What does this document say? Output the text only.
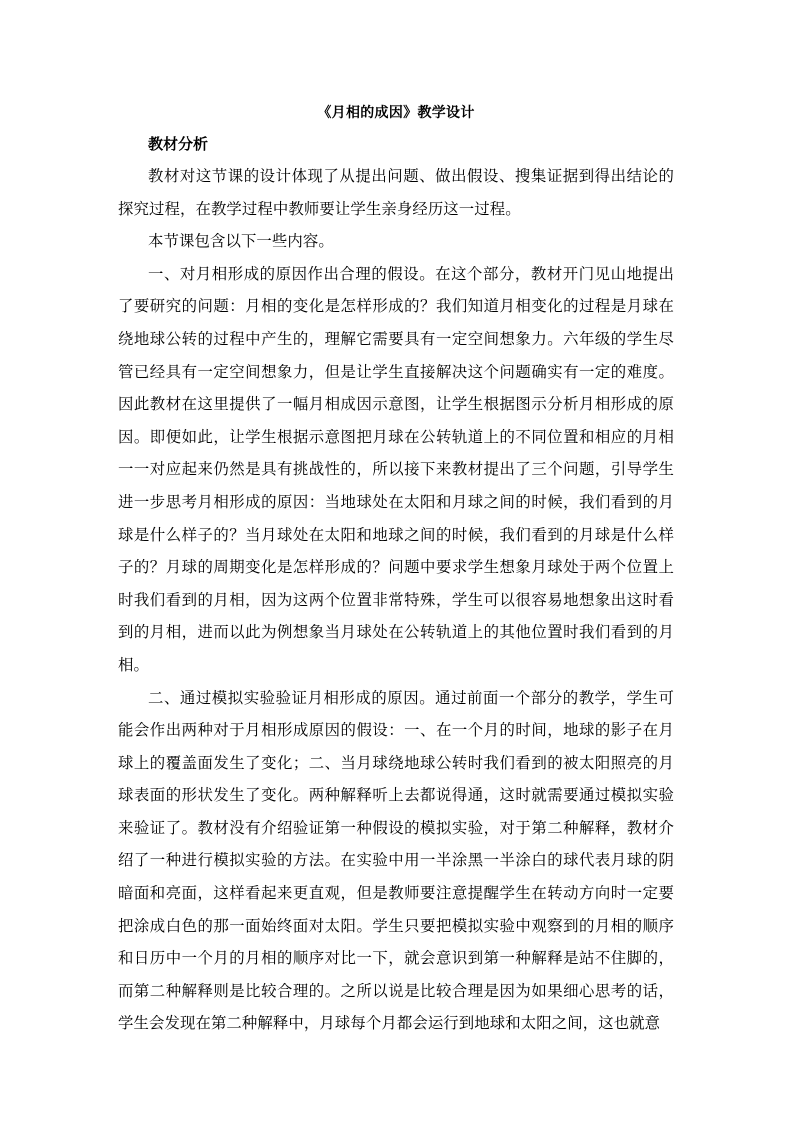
《月相的成因》教学设计

教材分析

教材对这节课的设计体现了从提出问题、做出假设、搜集证据到得出结论的探究过程，在教学过程中教师要让学生亲身经历这一过程。

本节课包含以下一些内容。

一、对月相形成的原因作出合理的假设。在这个部分，教材开门见山地提出了要研究的问题：月相的变化是怎样形成的？我们知道月相变化的过程是月球在绕地球公转的过程中产生的，理解它需要具有一定空间想象力。六年级的学生尽管已经具有一定空间想象力，但是让学生直接解决这个问题确实有一定的难度。因此教材在这里提供了一幅月相成因示意图，让学生根据图示分析月相形成的原因。即便如此，让学生根据示意图把月球在公转轨道上的不同位置和相应的月相一一对应起来仍然是具有挑战性的，所以接下来教材提出了三个问题，引导学生进一步思考月相形成的原因：当地球处在太阳和月球之间的时候，我们看到的月球是什么样子的？当月球处在太阳和地球之间的时候，我们看到的月球是什么样子的？月球的周期变化是怎样形成的？问题中要求学生想象月球处于两个位置上时我们看到的月相，因为这两个位置非常特殊，学生可以很容易地想象出这时看到的月相，进而以此为例想象当月球处在公转轨道上的其他位置时我们看到的月相。

二、通过模拟实验验证月相形成的原因。通过前面一个部分的教学，学生可能会作出两种对于月相形成原因的假设：一、在一个月的时间，地球的影子在月球上的覆盖面发生了变化；二、当月球绕地球公转时我们看到的被太阳照亮的月球表面的形状发生了变化。两种解释听上去都说得通，这时就需要通过模拟实验来验证了。教材没有介绍验证第一种假设的模拟实验，对于第二种解释，教材介绍了一种进行模拟实验的方法。在实验中用一半涂黑一半涂白的球代表月球的阴暗面和亮面，这样看起来更直观，但是教师要注意提醒学生在转动方向时一定要把涂成白色的那一面始终面对太阳。学生只要把模拟实验中观察到的月相的顺序和日历中一个月的月相的顺序对比一下，就会意识到第一种解释是站不住脚的，而第二种解释则是比较合理的。之所以说是比较合理是因为如果细心思考的话，学生会发现在第二种解释中，月球每个月都会运行到地球和太阳之间，这也就意
